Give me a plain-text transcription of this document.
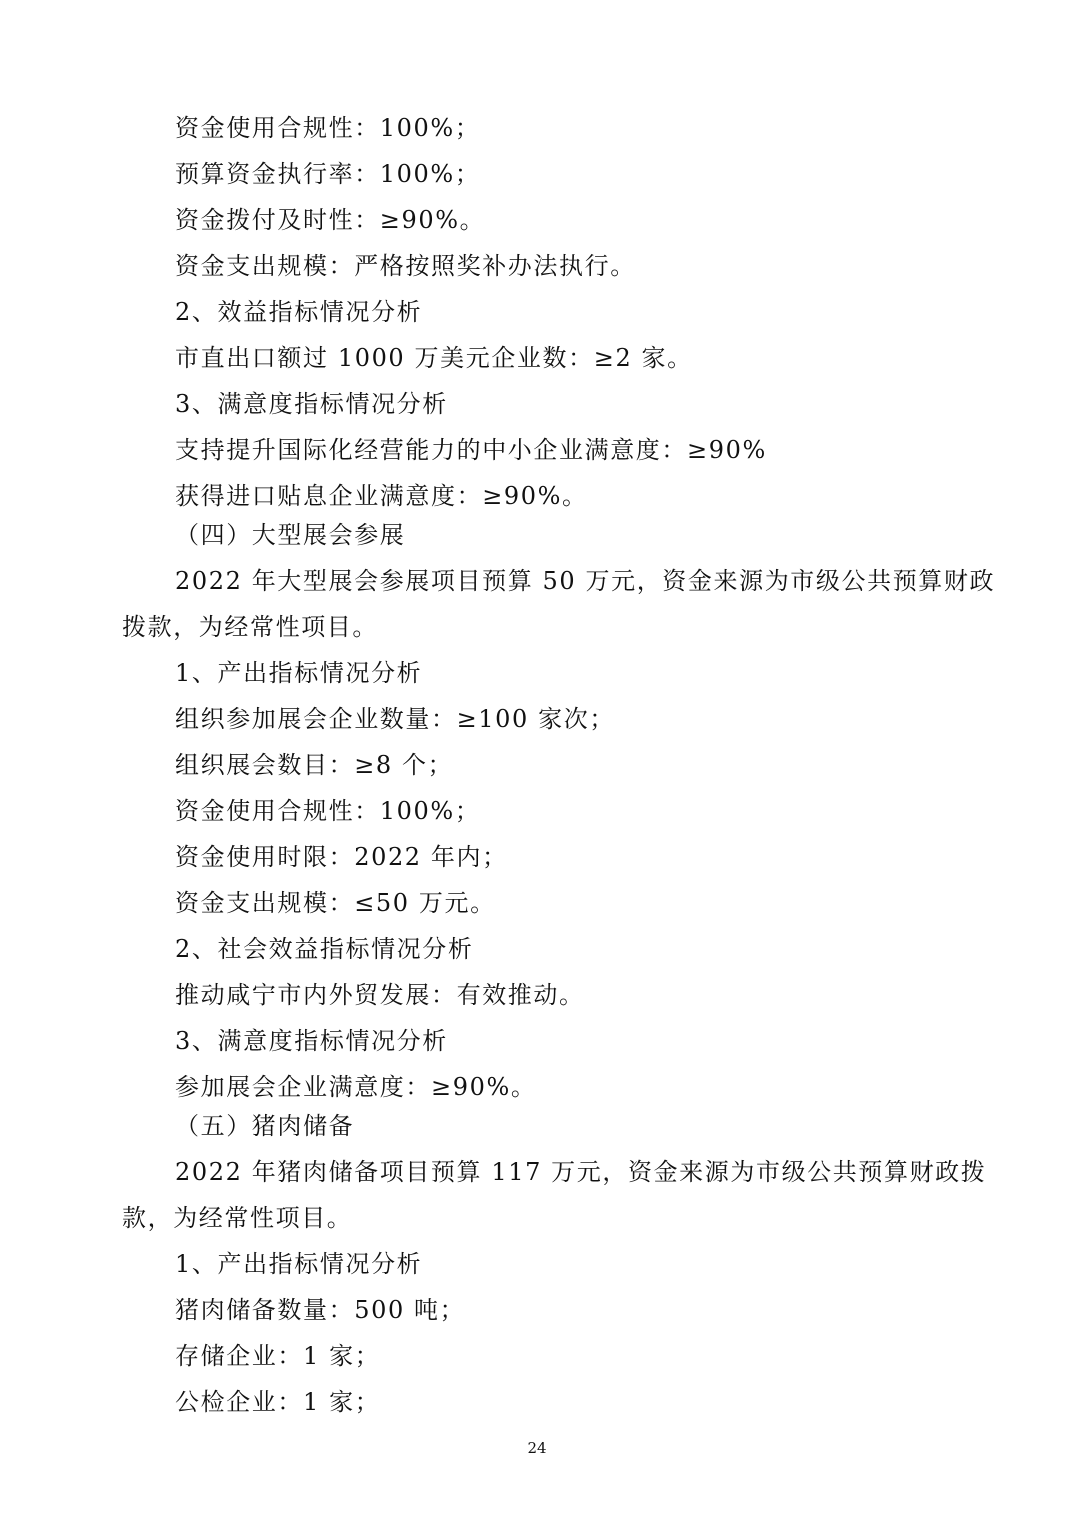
资金使用合规性：100%；
预算资金执行率：100%；
资金拨付及时性：≥90%。
资金支出规模：严格按照奖补办法执行。
2、效益指标情况分析
市直出口额过 1000 万美元企业数：≥2 家。
3、满意度指标情况分析
支持提升国际化经营能力的中小企业满意度：≥90%
获得进口贴息企业满意度：≥90%。
（四）大型展会参展
2022 年大型展会参展项目预算 50 万元，资金来源为市级公共预算财政
拨款，为经常性项目。
1、产出指标情况分析
组织参加展会企业数量：≥100 家次；
组织展会数目：≥8 个；
资金使用合规性：100%；
资金使用时限：2022 年内；
资金支出规模：≤50 万元。
2、社会效益指标情况分析
推动咸宁市内外贸发展：有效推动。
3、满意度指标情况分析
参加展会企业满意度：≥90%。
（五）猪肉储备
2022 年猪肉储备项目预算 117 万元，资金来源为市级公共预算财政拨
款，为经常性项目。
1、产出指标情况分析
猪肉储备数量：500 吨；
存储企业：1 家；
公检企业：1 家；
24
